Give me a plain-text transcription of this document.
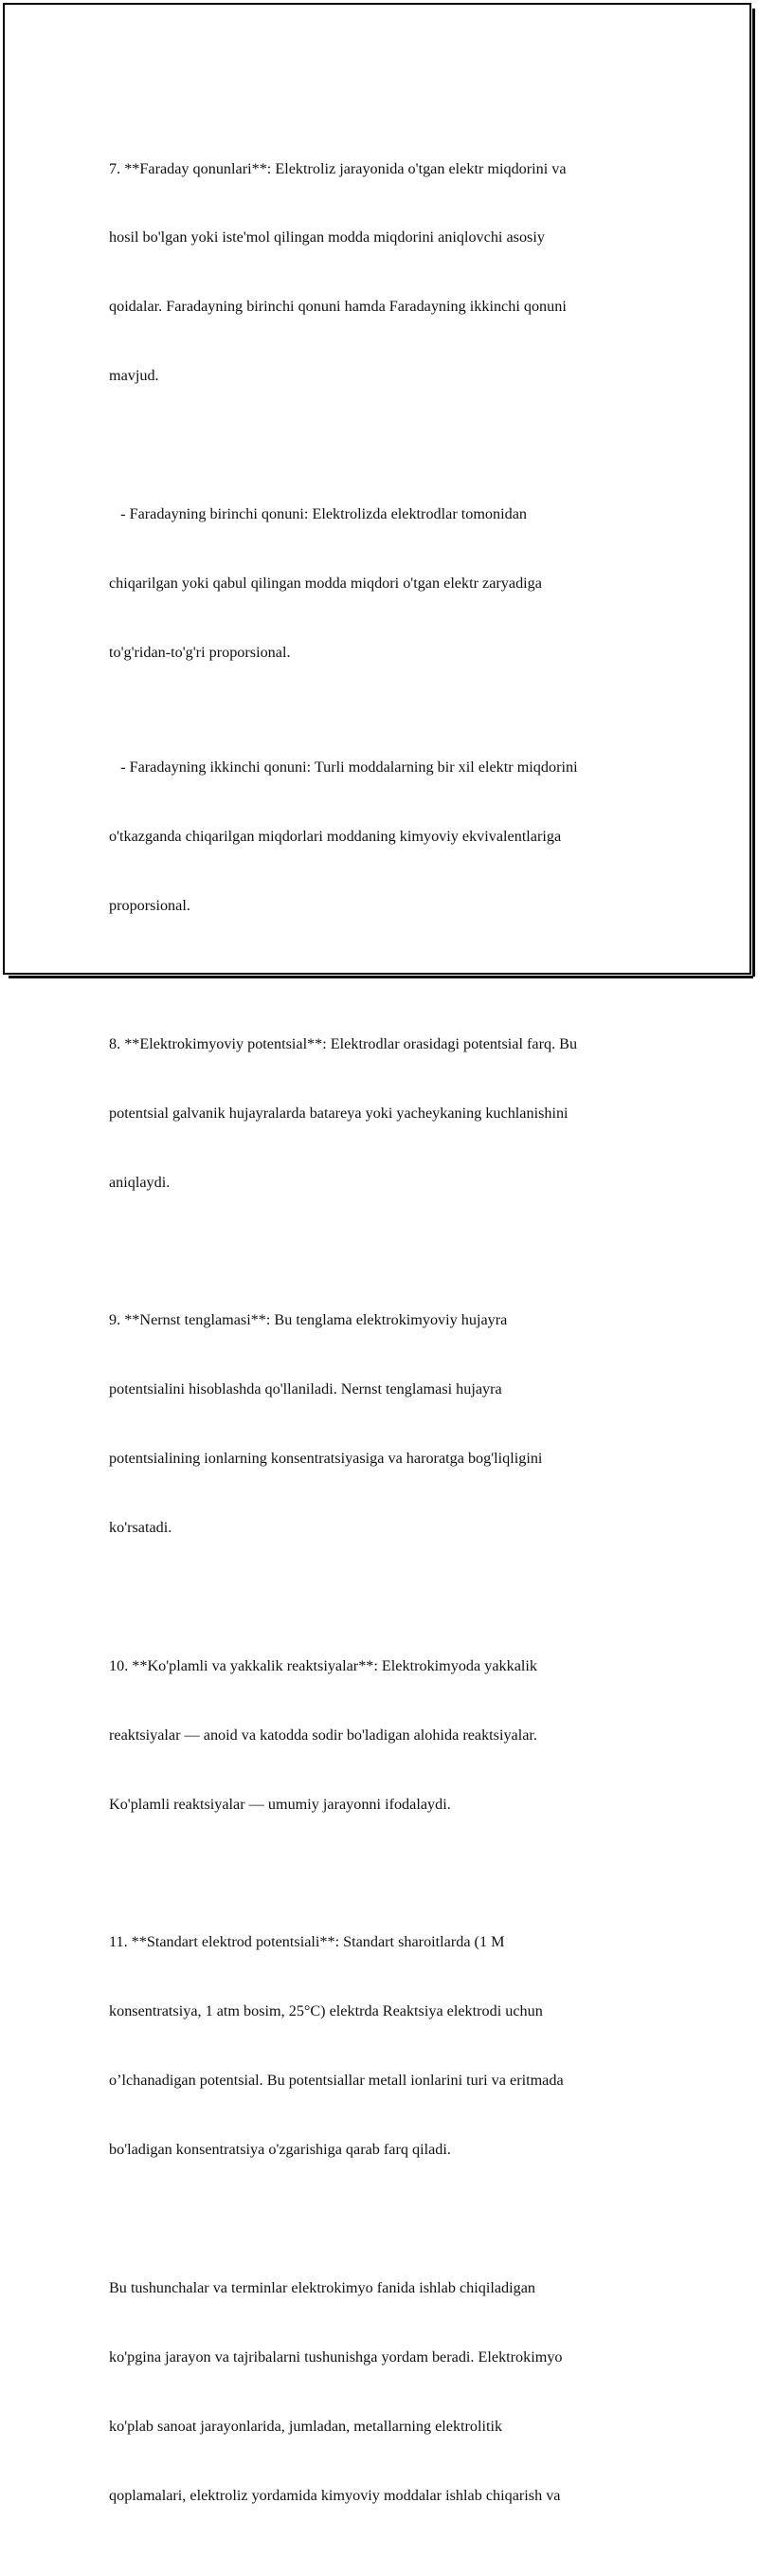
7. **Faraday qonunlari**: Elektroliz jarayonida o'tgan elektr miqdorini va

hosil bo'lgan yoki iste'mol qilingan modda miqdorini aniqlovchi asosiy

qoidalar. Faradayning birinchi qonuni hamda Faradayning ikkinchi qonuni

mavjud.

- Faradayning birinchi qonuni: Elektrolizda elektrodlar tomonidan

chiqarilgan yoki qabul qilingan modda miqdori o'tgan elektr zaryadiga

to'g'ridan-to'g'ri proporsional.

- Faradayning ikkinchi qonuni: Turli moddalarning bir xil elektr miqdorini

o'tkazganda chiqarilgan miqdorlari moddaning kimyoviy ekvivalentlariga

proporsional.

8. **Elektrokimyoviy potentsial**: Elektrodlar orasidagi potentsial farq. Bu

potentsial galvanik hujayralarda batareya yoki yacheykaning kuchlanishini

aniqlaydi.

9. **Nernst tenglamasi**: Bu tenglama elektrokimyoviy hujayra

potentsialini hisoblashda qo'llaniladi. Nernst tenglamasi hujayra

potentsialining ionlarning konsentratsiyasiga va haroratga bog'liqligini

ko'rsatadi.

10. **Ko'plamli va yakkalik reaktsiyalar**: Elektrokimyoda yakkalik

reaktsiyalar — anoid va katodda sodir bo'ladigan alohida reaktsiyalar.

Ko'plamli reaktsiyalar — umumiy jarayonni ifodalaydi.

11. **Standart elektrod potentsiali**: Standart sharoitlarda (1 M

konsentratsiya, 1 atm bosim, 25°C) elektrda Reaktsiya elektrodi uchun

o’lchanadigan potentsial. Bu potentsiallar metall ionlarini turi va eritmada

bo'ladigan konsentratsiya o'zgarishiga qarab farq qiladi.

Bu tushunchalar va terminlar elektrokimyo fanida ishlab chiqiladigan

ko'pgina jarayon va tajribalarni tushunishga yordam beradi. Elektrokimyo

ko'plab sanoat jarayonlarida, jumladan, metallarning elektrolitik

qoplamalari, elektroliz yordamida kimyoviy moddalar ishlab chiqarish va
